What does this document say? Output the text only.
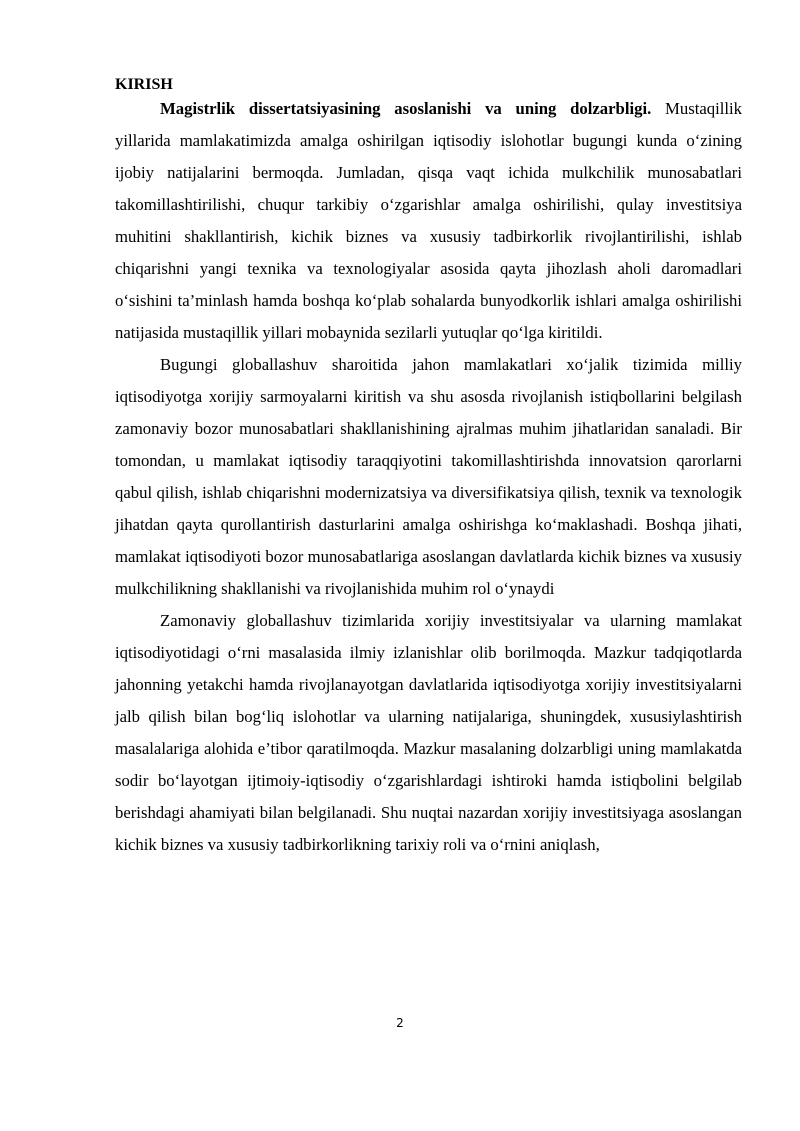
KIRISH

Magistrlik dissertatsiyasining asoslanishi va uning dolzarbligi. Mustaqillik yillarida mamlakatimizda amalga oshirilgan iqtisodiy islohotlar bugungi kunda o‘zining ijobiy natijalarini bermoqda. Jumladan, qisqa vaqt ichida mulkchilik munosabatlari takomillashtirilishi, chuqur tarkibiy o‘zgarishlar amalga oshirilishi, qulay investitsiya muhitini shakllantirish, kichik biznes va xususiy tadbirkorlik rivojlantirilishi, ishlab chiqarishni yangi texnika va texnologiyalar asosida qayta jihozlash aholi daromadlari o‘sishini ta’minlash hamda boshqa ko‘plab sohalarda bunyodkorlik ishlari amalga oshirilishi natijasida mustaqillik yillari mobaynida sezilarli yutuqlar qo‘lga kiritildi.

Bugungi globallashuv sharoitida jahon mamlakatlari xo‘jalik tizimida milliy iqtisodiyotga xorijiy sarmoyalarni kiritish va shu asosda rivojlanish istiqbollarini belgilash zamonaviy bozor munosabatlari shakllanishining ajralmas muhim jihatlaridan sanaladi. Bir tomondan, u mamlakat iqtisodiy taraqqiyotini takomillashtirishda innovatsion qarorlarni qabul qilish, ishlab chiqarishni modernizatsiya va diversifikatsiya qilish, texnik va texnologik jihatdan qayta qurollantirish dasturlarini amalga oshirishga ko‘maklashadi. Boshqa jihati, mamlakat iqtisodiyoti bozor munosabatlariga asoslangan davlatlarda kichik biznes va xususiy mulkchilikning shakllanishi va rivojlanishida muhim rol o‘ynaydi

Zamonaviy globallashuv tizimlarida xorijiy investitsiyalar va ularning mamlakat iqtisodiyotidagi o‘rni masalasida ilmiy izlanishlar olib borilmoqda. Mazkur tadqiqotlarda jahonning yetakchi hamda rivojlanayotgan davlatlarida iqtisodiyotga xorijiy investitsiyalarni jalb qilish bilan bog‘liq islohotlar va ularning natijalariga, shuningdek, xususiylashtirish masalalariga alohida e’tibor qaratilmoqda. Mazkur masalaning dolzarbligi uning mamlakatda sodir bo‘layotgan ijtimoiy-iqtisodiy o‘zgarishlardagi ishtiroki hamda istiqbolini belgilab berishdagi ahamiyati bilan belgilanadi. Shu nuqtai nazardan xorijiy investitsiyaga asoslangan kichik biznes va xususiy tadbirkorlikning tarixiy roli va o‘rnini aniqlash,

2
